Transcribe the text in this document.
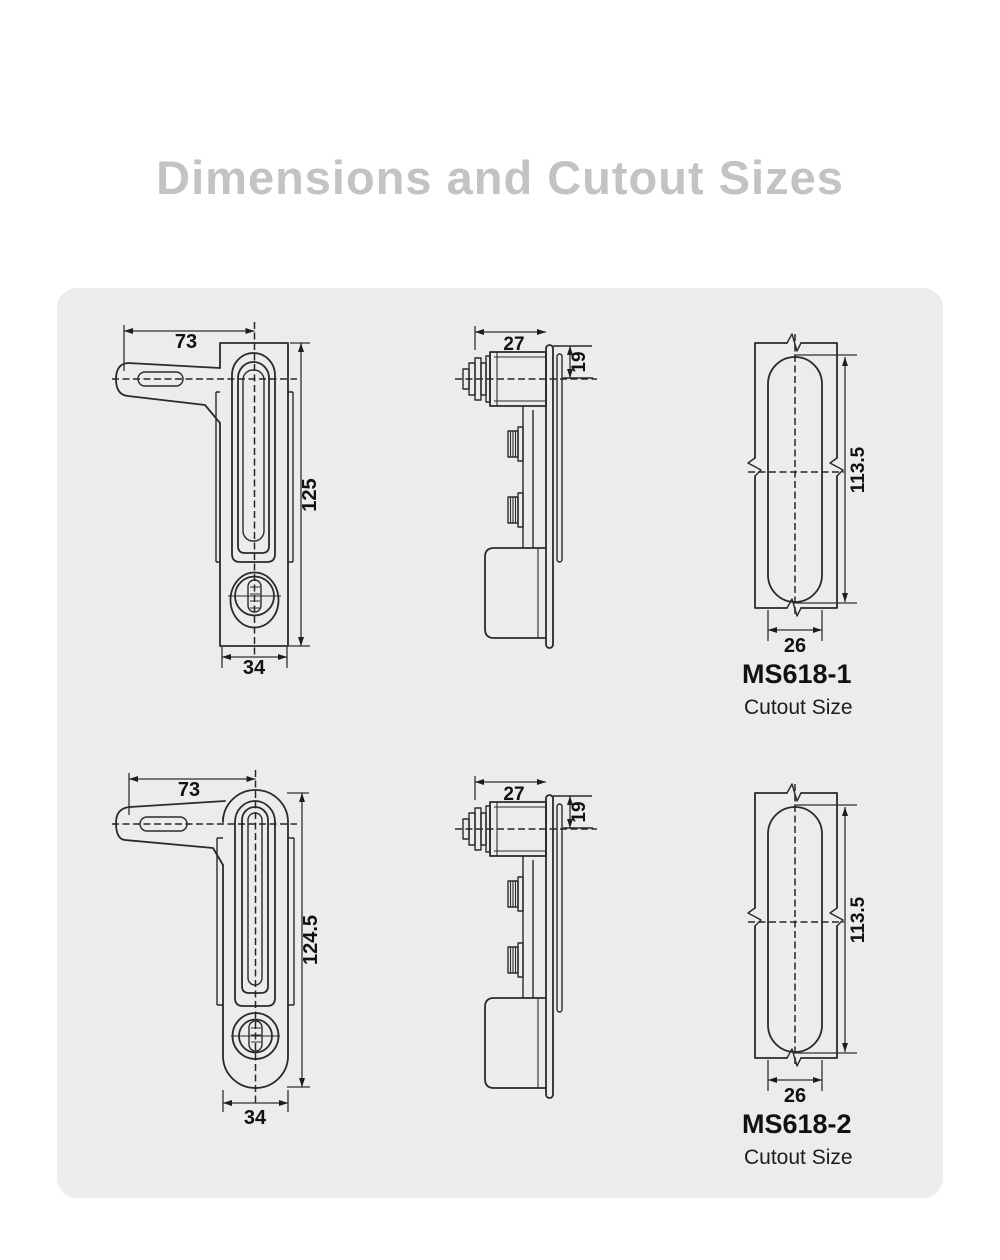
Dimensions and Cutout Sizes
73
125
34
27
19
113.5
26
MS618-1
Cutout Size
73
124.5
34
27
19
113.5
26
MS618-2
Cutout Size
